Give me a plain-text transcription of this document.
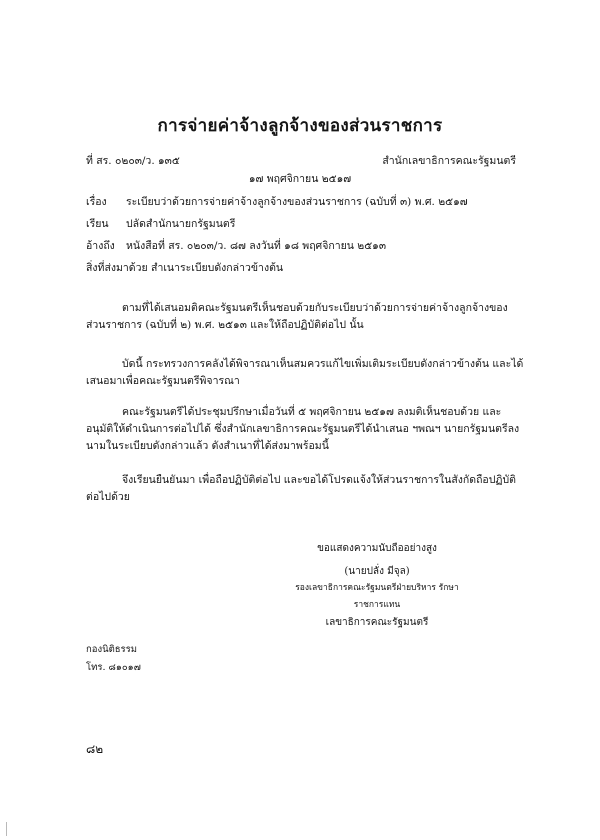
การจ่ายค่าจ้างลูกจ้างของส่วนราชการ
ที่ สร. ๐๒๐๓/ว. ๑๓๕	สำนักเลขาธิการคณะรัฐมนตรี
๑๗ พฤศจิกายน ๒๕๑๗
เรื่อง ระเบียบว่าด้วยการจ่ายค่าจ้างลูกจ้างของส่วนราชการ (ฉบับที่ ๓) พ.ศ. ๒๕๑๗
เรียน ปลัดสำนักนายกรัฐมนตรี
อ้างถึง หนังสือที่ สร. ๐๒๐๓/ว. ๘๗ ลงวันที่ ๑๘ พฤศจิกายน ๒๕๑๓
สิ่งที่ส่งมาด้วย สำเนาระเบียบดังกล่าวข้างต้น
ตามที่ได้เสนอมติคณะรัฐมนตรีเห็นชอบด้วยกับระเบียบว่าด้วยการจ่ายค่าจ้างลูกจ้างของส่วนราชการ (ฉบับที่ ๒) พ.ศ. ๒๕๑๓ และให้ถือปฏิบัติต่อไป นั้น
บัดนี้ กระทรวงการคลังได้พิจารณาเห็นสมควรแก้ไขเพิ่มเติมระเบียบดังกล่าวข้างต้น และได้เสนอมาเพื่อคณะรัฐมนตรีพิจารณา
คณะรัฐมนตรีได้ประชุมปรึกษาเมื่อวันที่ ๕ พฤศจิกายน ๒๕๑๗ ลงมติเห็นชอบด้วย และอนุมัติให้ดำเนินการต่อไปได้ ซึ่งสำนักเลขาธิการคณะรัฐมนตรีได้นำเสนอ ฯพณฯ นายกรัฐมนตรีลงนามในระเบียบดังกล่าวแล้ว ดังสำเนาที่ได้ส่งมาพร้อมนี้
จึงเรียนยืนยันมา เพื่อถือปฏิบัติต่อไป และขอได้โปรดแจ้งให้ส่วนราชการในสังกัดถือปฏิบัติต่อไปด้วย
ขอแสดงความนับถืออย่างสูง
(นายปลั่ง มีจุล)
รองเลขาธิการคณะรัฐมนตรีฝ่ายบริหาร รักษาราชการแทน
เลขาธิการคณะรัฐมนตรี
กองนิติธรรม
โทร. ๘๑๐๑๗
๘๒
